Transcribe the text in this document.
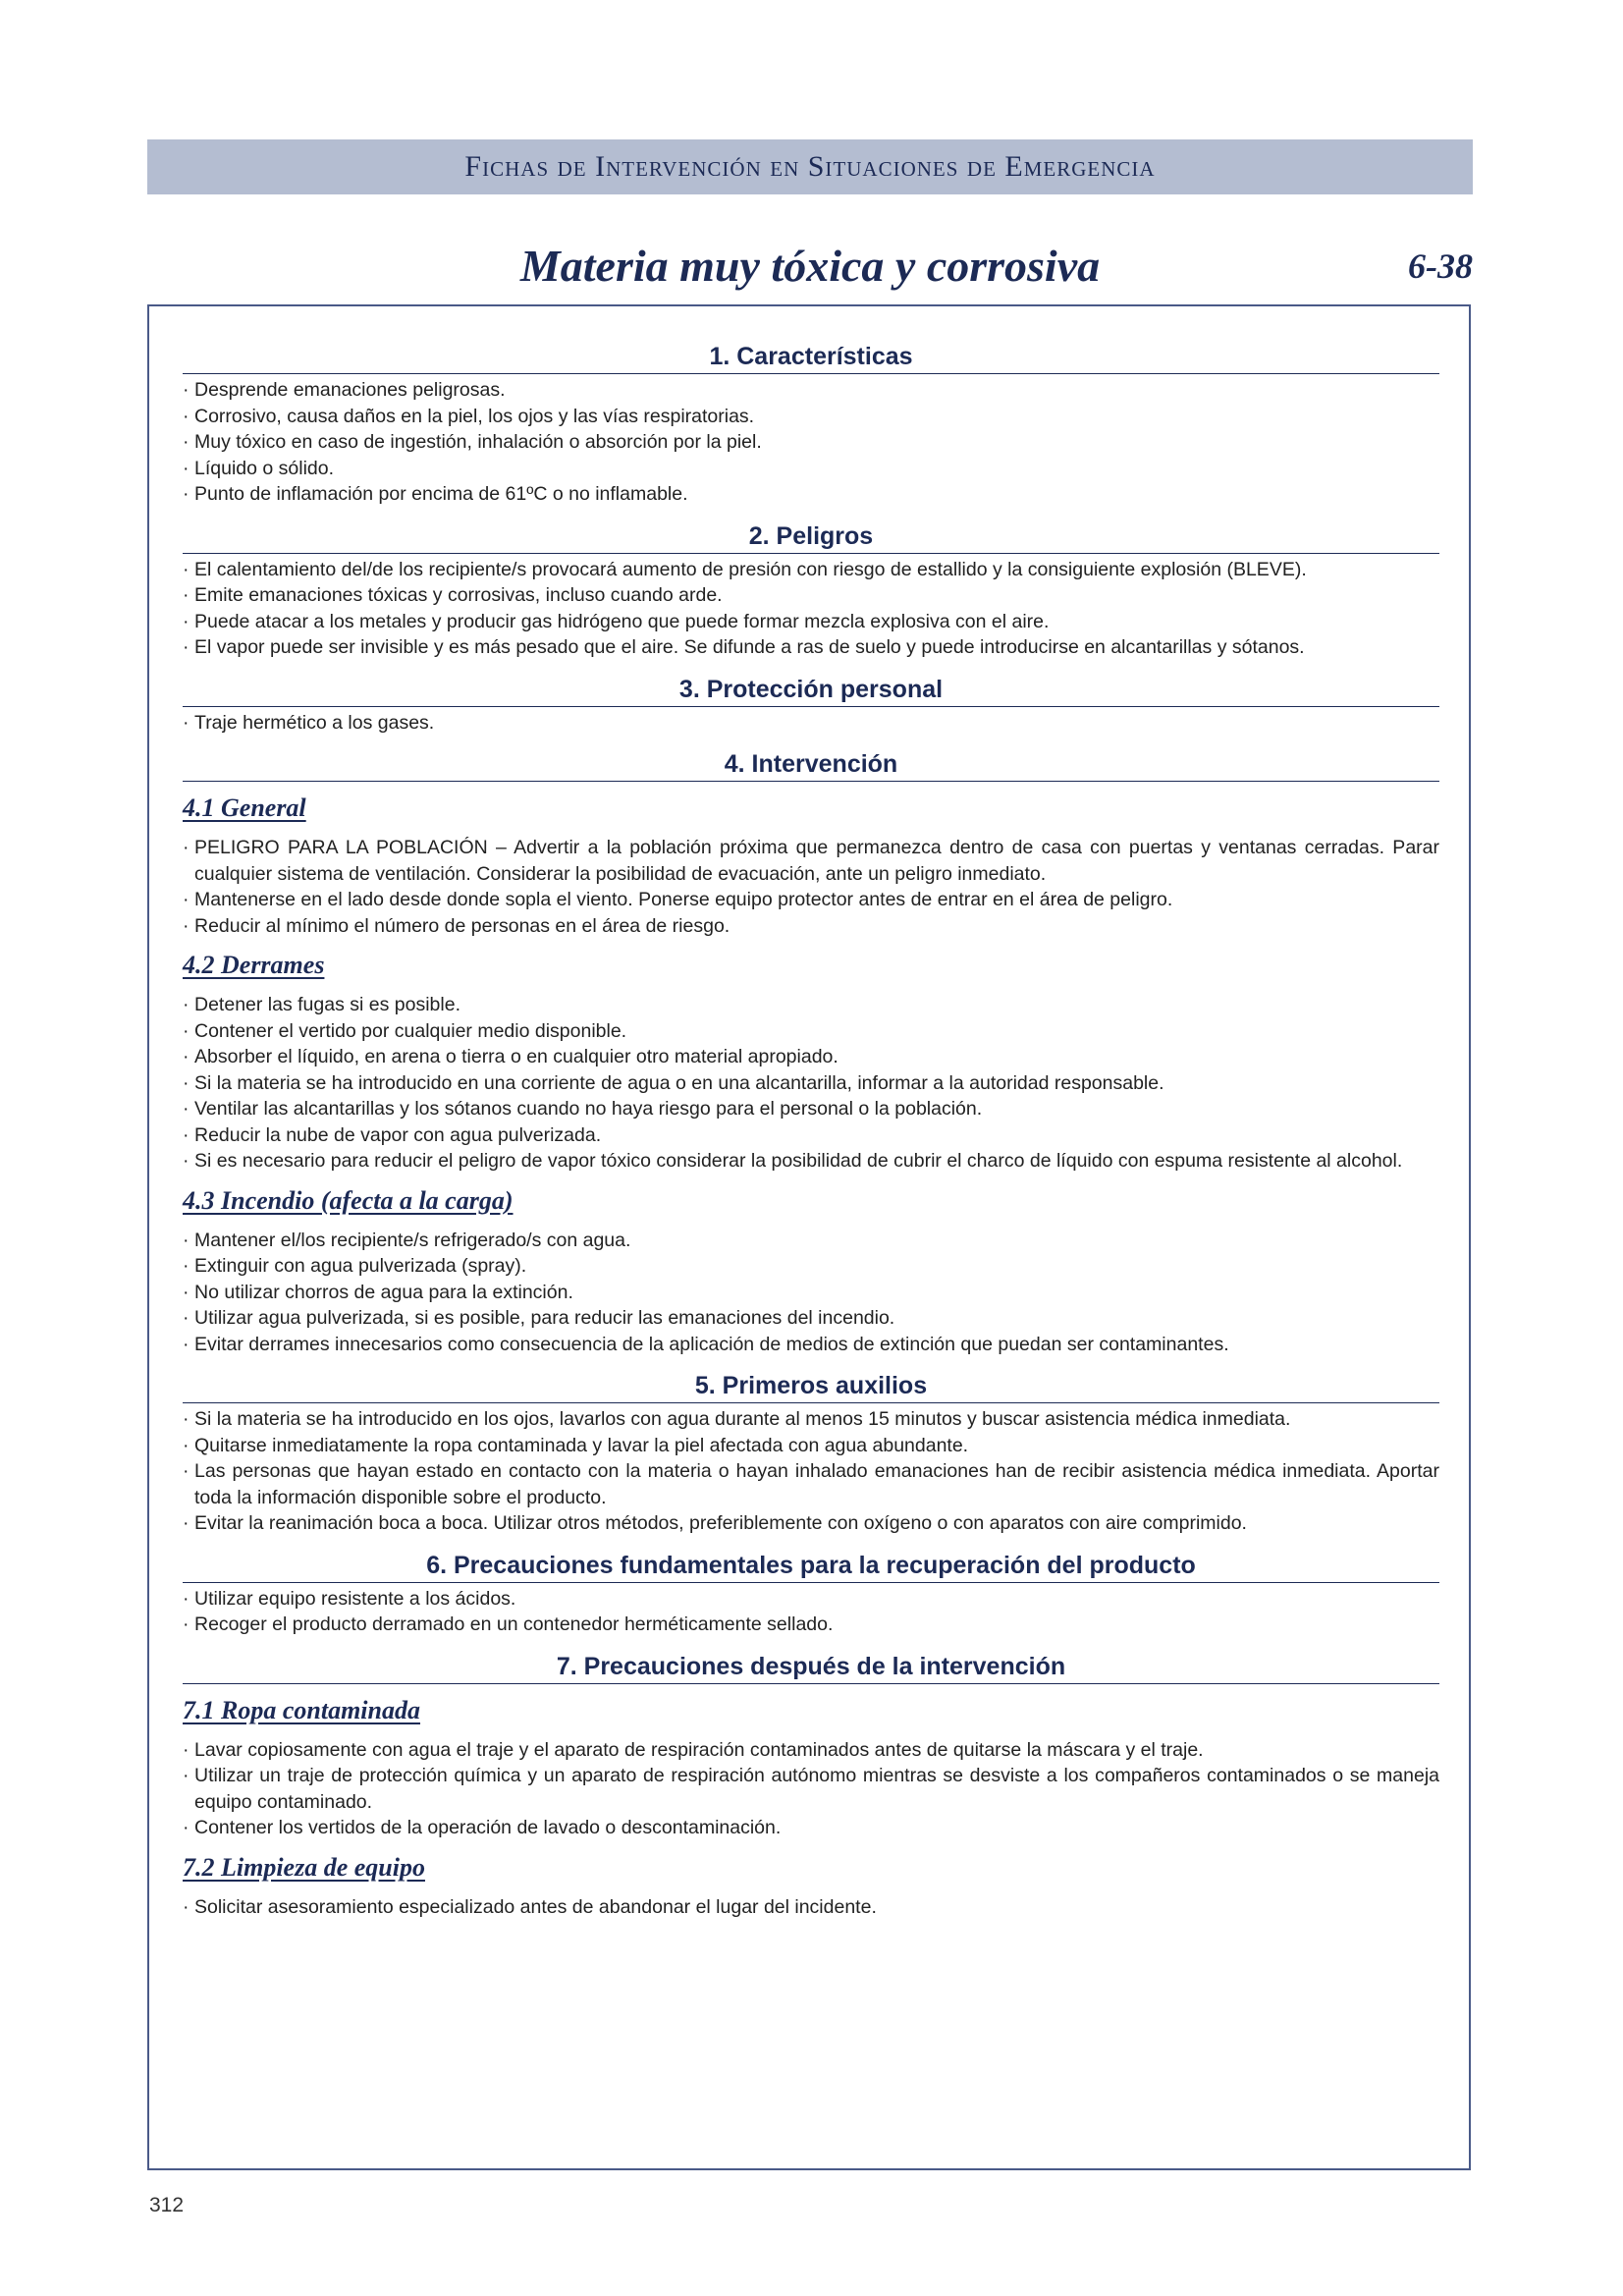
Fichas de Intervención en Situaciones de Emergencia
Materia muy tóxica y corrosiva	6-38
1. Características
· Desprende emanaciones peligrosas.
· Corrosivo, causa daños en la piel, los ojos y las vías respiratorias.
· Muy tóxico en caso de ingestión, inhalación o absorción por la piel.
· Líquido o sólido.
· Punto de inflamación por encima de 61ºC o no inflamable.
2. Peligros
· El calentamiento del/de los recipiente/s provocará aumento de presión con riesgo de estallido y la consiguiente explosión (BLEVE).
· Emite emanaciones tóxicas y corrosivas, incluso cuando arde.
· Puede atacar a los metales y producir gas hidrógeno que puede formar mezcla explosiva con el aire.
· El vapor puede ser invisible y es más pesado que el aire. Se difunde a ras de suelo y puede introducirse en alcantarillas y sótanos.
3. Protección personal
· Traje hermético a los gases.
4. Intervención
4.1 General
· PELIGRO PARA LA POBLACIÓN – Advertir a la población próxima que permanezca dentro de casa con puertas y ventanas cerradas. Parar cualquier sistema de ventilación. Considerar la posibilidad de evacuación, ante un peligro inmediato.
· Mantenerse en el lado desde donde sopla el viento. Ponerse equipo protector antes de entrar en el área de peligro.
· Reducir al mínimo el número de personas en el área de riesgo.
4.2 Derrames
· Detener las fugas si es posible.
· Contener el vertido por cualquier medio disponible.
· Absorber el líquido, en arena o tierra o en cualquier otro material apropiado.
· Si la materia se ha introducido en una corriente de agua o en una alcantarilla, informar a la autoridad responsable.
· Ventilar las alcantarillas y los sótanos cuando no haya riesgo para el personal o la población.
· Reducir la nube de vapor con agua pulverizada.
· Si es necesario para reducir el peligro de vapor tóxico considerar la posibilidad de cubrir el charco de líquido con espuma resistente al alcohol.
4.3 Incendio (afecta a la carga)
· Mantener el/los recipiente/s refrigerado/s con agua.
· Extinguir con agua pulverizada (spray).
· No utilizar chorros de agua para la extinción.
· Utilizar agua pulverizada, si es posible, para reducir las emanaciones del incendio.
· Evitar derrames innecesarios como consecuencia de la aplicación de medios de extinción que puedan ser contaminantes.
5. Primeros auxilios
· Si la materia se ha introducido en los ojos, lavarlos con agua durante al menos 15 minutos y buscar asistencia médica inmediata.
· Quitarse inmediatamente la ropa contaminada y lavar la piel afectada con agua abundante.
· Las personas que hayan estado en contacto con la materia o hayan inhalado emanaciones han de recibir asistencia médica inmediata. Aportar toda la información disponible sobre el producto.
· Evitar la reanimación boca a boca. Utilizar otros métodos, preferiblemente con oxígeno o con aparatos con aire comprimido.
6. Precauciones fundamentales para la recuperación del producto
· Utilizar equipo resistente a los ácidos.
· Recoger el producto derramado en un contenedor herméticamente sellado.
7. Precauciones después de la intervención
7.1 Ropa contaminada
· Lavar copiosamente con agua el traje y el aparato de respiración contaminados antes de quitarse la máscara y el traje.
· Utilizar un traje de protección química y un aparato de respiración autónomo mientras se desviste a los compañeros contaminados o se maneja equipo contaminado.
· Contener los vertidos de la operación de lavado o descontaminación.
7.2 Limpieza de equipo
· Solicitar asesoramiento especializado antes de abandonar el lugar del incidente.
312
